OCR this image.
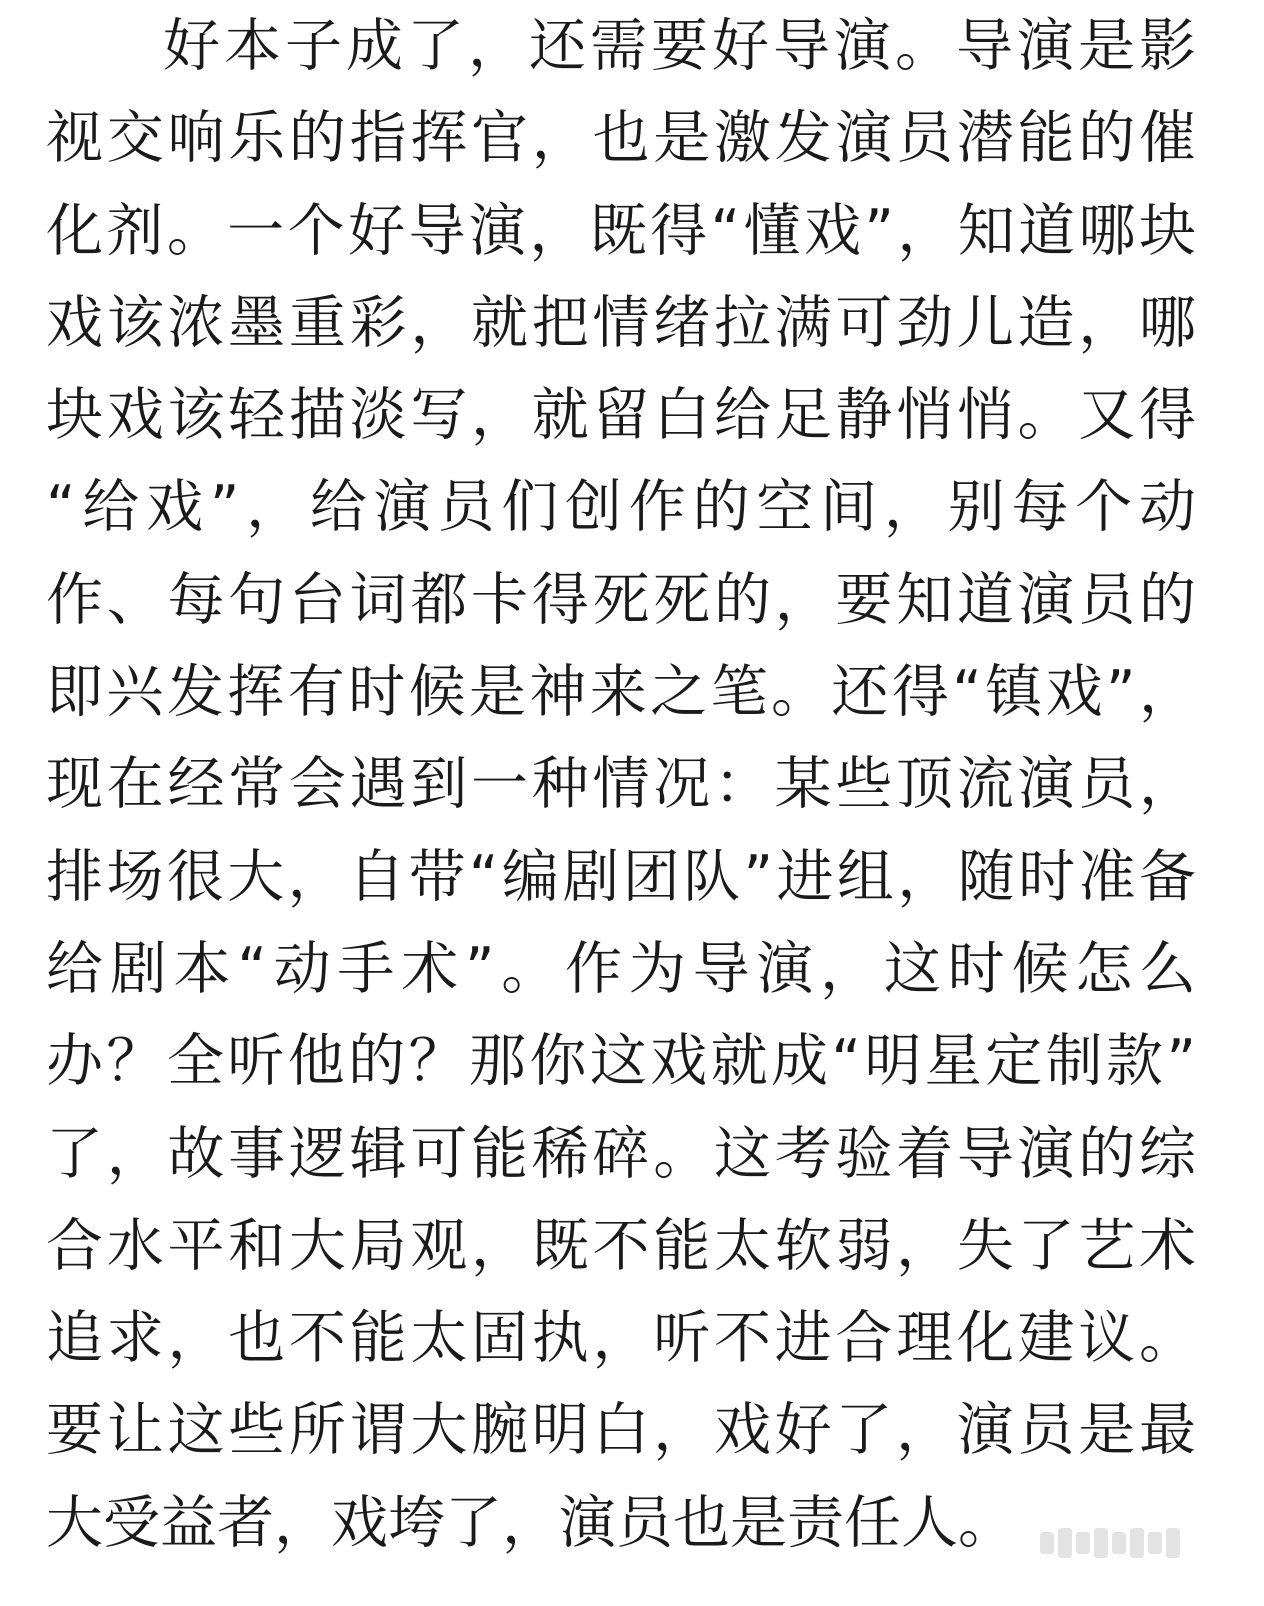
好本子成了，还需要好导演。导演是影
视交响乐的指挥官，也是激发演员潜能的催
化剂。一个好导演，既得“懂戏”，知道哪块
戏该浓墨重彩，就把情绪拉满可劲儿造，哪
块戏该轻描淡写，就留白给足静悄悄。又得
“给戏”，给演员们创作的空间，别每个动
作、每句台词都卡得死死的，要知道演员的
即兴发挥有时候是神来之笔。还得“镇戏”，
现在经常会遇到一种情况：某些顶流演员，
排场很大，自带“编剧团队”进组，随时准备
给剧本“动手术”。作为导演，这时候怎么
办？全听他的？那你这戏就成“明星定制款”
了，故事逻辑可能稀碎。这考验着导演的综
合水平和大局观，既不能太软弱，失了艺术
追求，也不能太固执，听不进合理化建议。
要让这些所谓大腕明白，戏好了，演员是最
大受益者，戏垮了，演员也是责任人。
